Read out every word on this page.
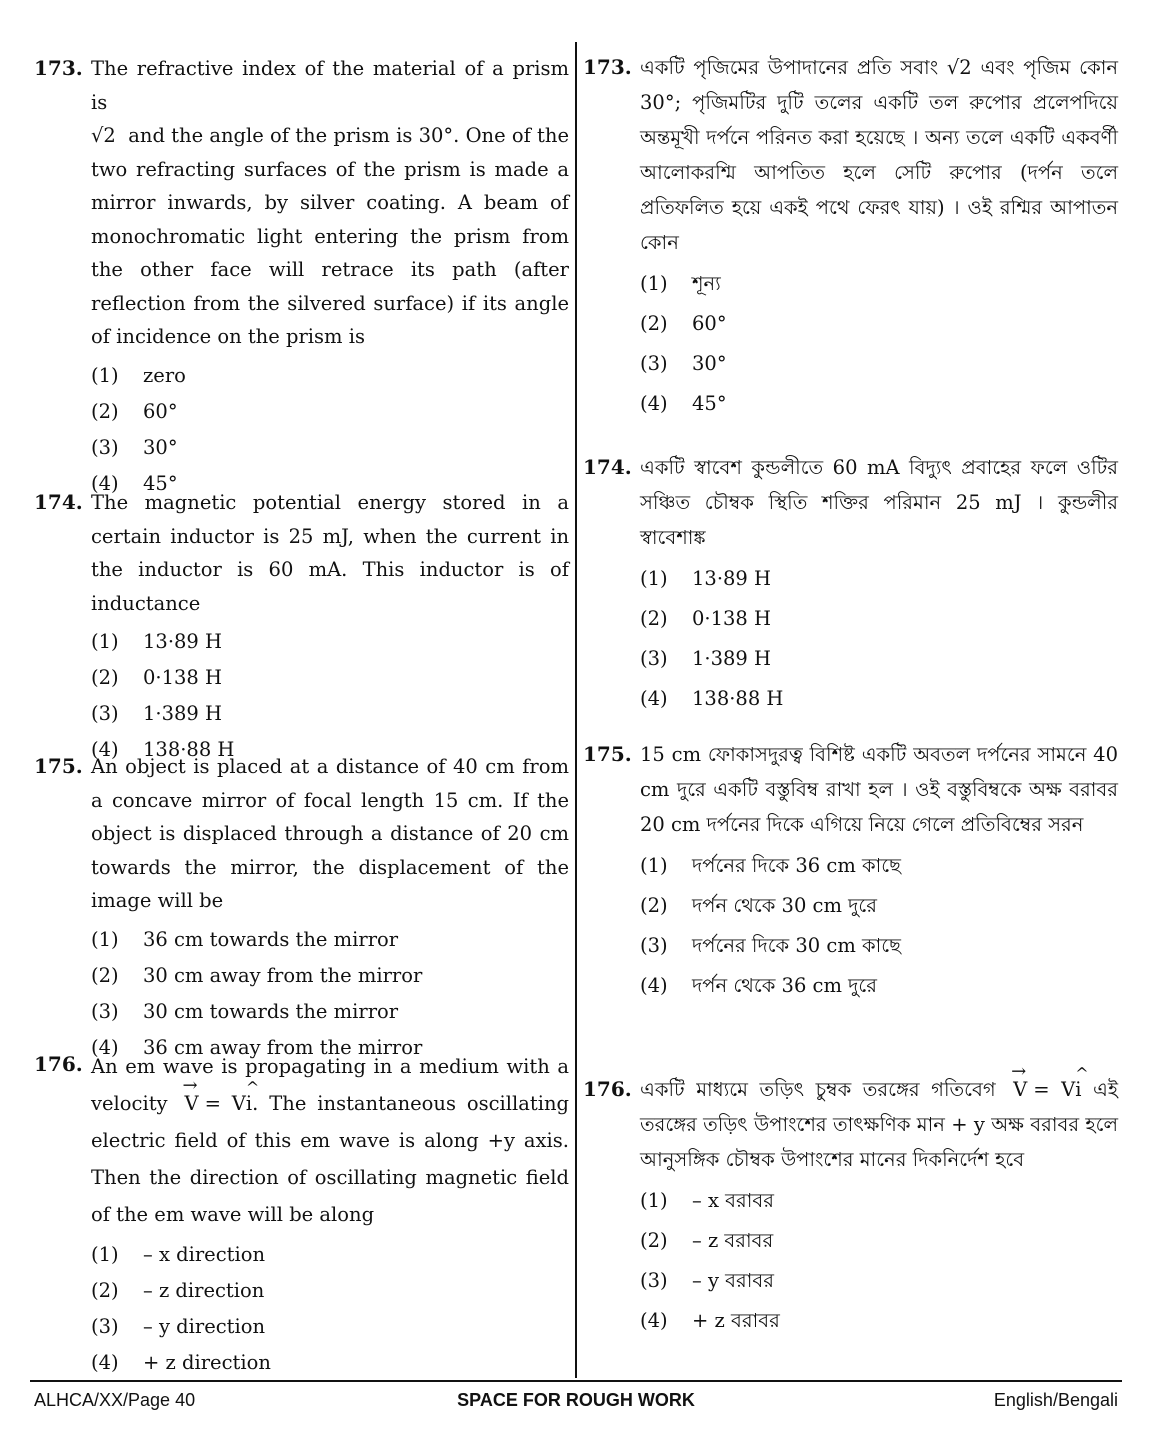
173. The refractive index of the material of a prism is
√2 and the angle of the prism is 30°. One of the two refracting surfaces of the prism is made a mirror inwards, by silver coating. A beam of monochromatic light entering the prism from the other face will retrace its path (after reflection from the silvered surface) if its angle of incidence on the prism is
(1) zero
(2) 60°
(3) 30°
(4) 45°
174. The magnetic potential energy stored in a certain inductor is 25 mJ, when the current in the inductor is 60 mA. This inductor is of inductance
(1) 13·89 H
(2) 0·138 H
(3) 1·389 H
(4) 138·88 H
175. An object is placed at a distance of 40 cm from a concave mirror of focal length 15 cm. If the object is displaced through a distance of 20 cm towards the mirror, the displacement of the image will be
(1) 36 cm towards the mirror
(2) 30 cm away from the mirror
(3) 30 cm towards the mirror
(4) 36 cm away from the mirror
176. An em wave is propagating in a medium with a velocity → V = V^ i. The instantaneous oscillating electric field of this em wave is along +y axis. Then the direction of oscillating magnetic field of the em wave will be along
(1) – x direction
(2) – z direction
(3) – y direction
(4) + z direction
173. একটি পৃজিমের উপাদানের প্রতি সবাং √2 এবং পৃজিম কোন 30°; পৃজিমটির দুটি তলের একটি তল রুপোর প্রলেপদিয়ে অন্তমূখী দর্পনে পরিনত করা হয়েছে । অন্য তলে একটি একবর্ণী আলোকরশ্মি আপতিত হলে সেটি রুপোর (দর্পন তলে প্রতিফলিত হয়ে একই পথে ফেরৎ যায়) । ওই রশ্মির আপাতন কোন
(1) শূন্য
(2) 60°
(3) 30°
(4) 45°
174. একটি স্বাবেশ কুন্ডলীতে 60 mA বিদ্যুৎ প্রবাহের ফলে ওটির সঞ্চিত চৌম্বক স্থিতি শক্তির পরিমান 25 mJ । কুন্ডলীর স্বাবেশাঙ্ক
(1) 13·89 H
(2) 0·138 H
(3) 1·389 H
(4) 138·88 H
175. 15 cm ফোকাসদুরত্ব বিশিষ্ট একটি অবতল দর্পনের সামনে 40 cm দুরে একটি বস্তুবিম্ব রাখা হল । ওই বস্তুবিম্বকে অক্ষ বরাবর 20 cm দর্পনের দিকে এগিয়ে নিয়ে গেলে প্রতিবিম্বের সরন
(1) দর্পনের দিকে 36 cm কাছে
(2) দর্পন থেকে 30 cm দুরে
(3) দর্পনের দিকে 30 cm কাছে
(4) দর্পন থেকে 36 cm দুরে
176. একটি মাধ্যমে তড়িৎ চুম্বক তরঙ্গের গতিবেগ → V = V^ i এই তরঙ্গের তড়িৎ উপাংশের তাৎক্ষণিক মান + y অক্ষ বরাবর হলে আনুসঙ্গিক চৌম্বক উপাংশের মানের দিকনির্দেশ হবে
(1) – x বরাবর
(2) – z বরাবর
(3) – y বরাবর
(4) + z বরাবর
ALHCA/XX/Page 40	SPACE FOR ROUGH WORK	English/Bengali
